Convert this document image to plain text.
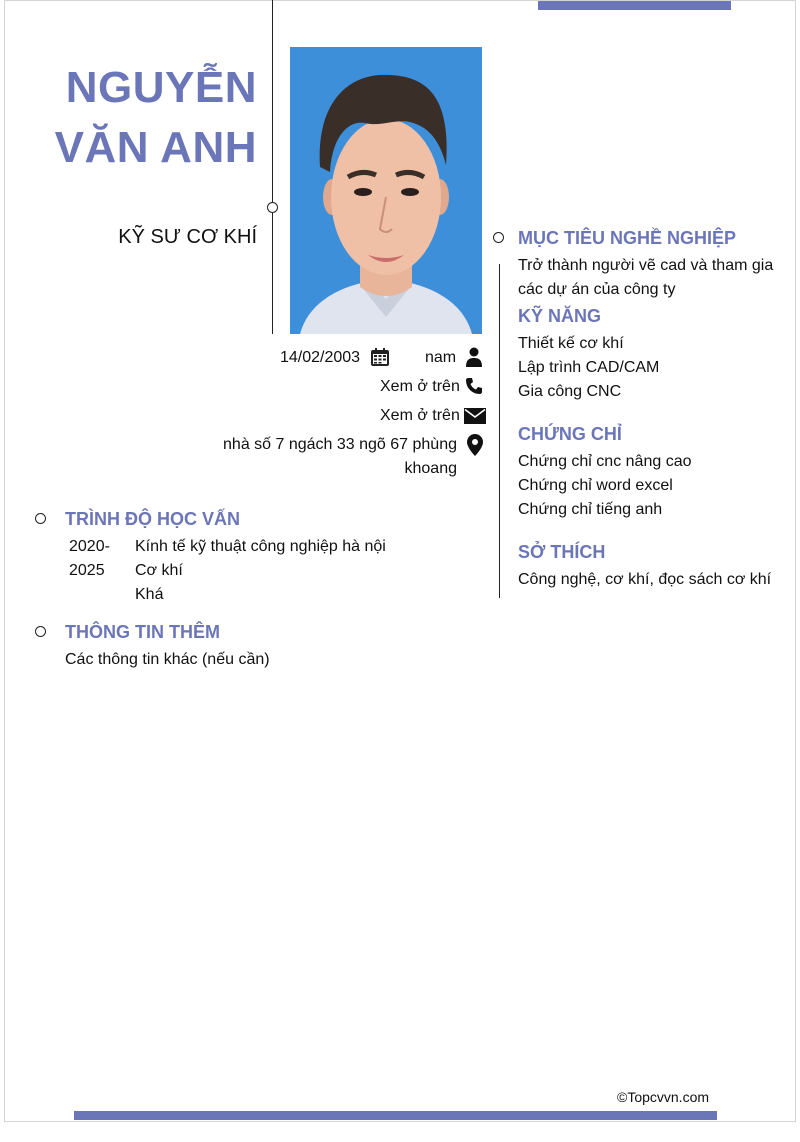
NGUYỄN
VĂN ANH
KỸ SƯ CƠ KHÍ
14/02/2003	nam
Xem ở trên
Xem ở trên
nhà số 7 ngách 33 ngõ 67 phùng
khoang
TRÌNH ĐỘ HỌC VẤN
2020-
2025
Kính tế kỹ thuật công nghiệp hà nội
Cơ khí
Khá
THÔNG TIN THÊM
Các thông tin khác (nếu cần)
MỤC TIÊU NGHỀ NGHIỆP
Trở thành người vẽ cad và tham gia
các dự án của công ty
KỸ NĂNG
Thiết kế cơ khí
Lập trình CAD/CAM
Gia công CNC
CHỨNG CHỈ
Chứng chỉ cnc nâng cao
Chứng chỉ word excel
Chứng chỉ tiếng anh
SỞ THÍCH
Công nghệ, cơ khí, đọc sách cơ khí
©Topcvvn.com
